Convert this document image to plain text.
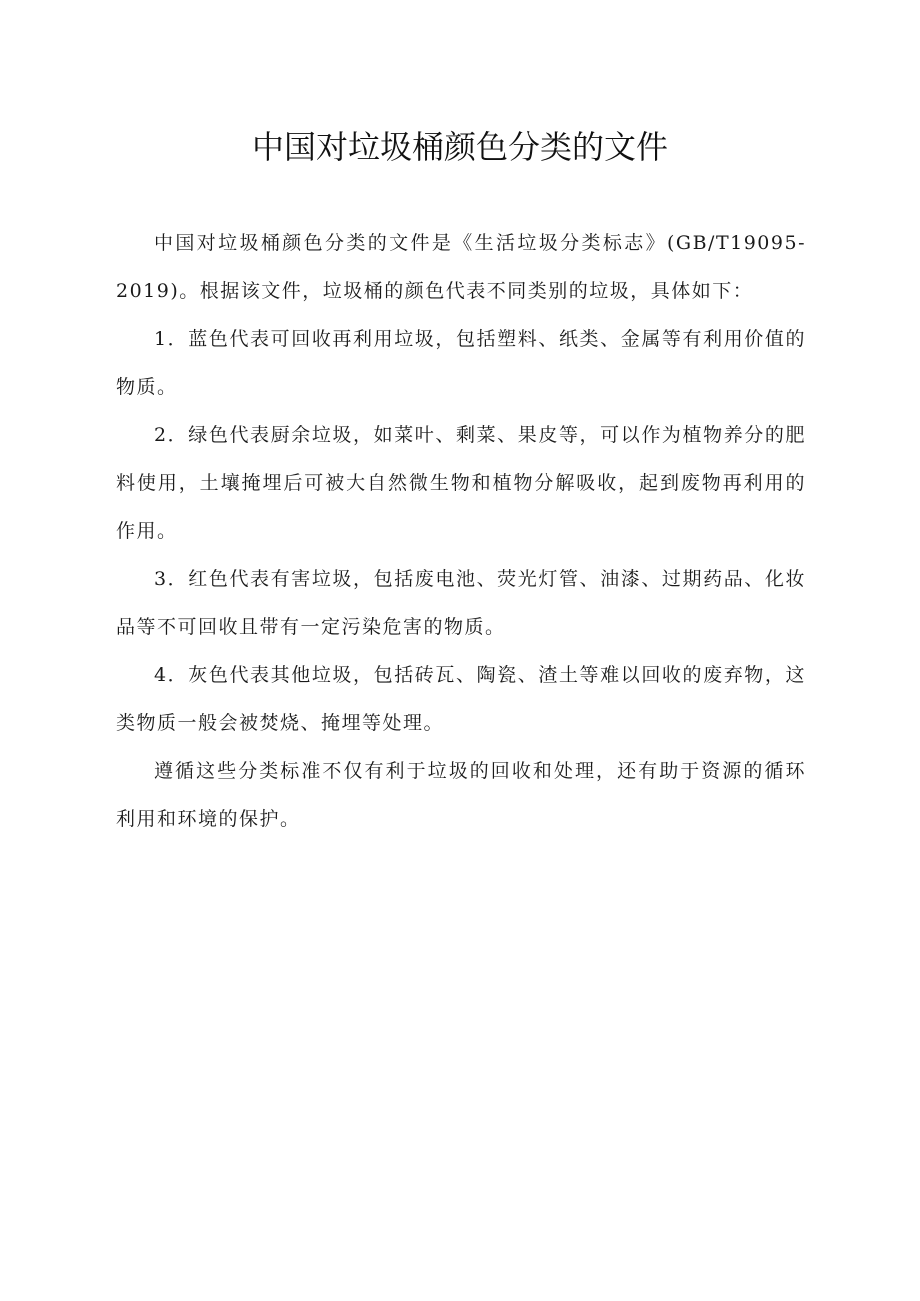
中国对垃圾桶颜色分类的文件

中国对垃圾桶颜色分类的文件是《生活垃圾分类标志》(GB/T19095-2019)。根据该文件，垃圾桶的颜色代表不同类别的垃圾，具体如下：

1．蓝色代表可回收再利用垃圾，包括塑料、纸类、金属等有利用价值的物质。

2．绿色代表厨余垃圾，如菜叶、剩菜、果皮等，可以作为植物养分的肥料使用，土壤掩埋后可被大自然微生物和植物分解吸收，起到废物再利用的作用。

3．红色代表有害垃圾，包括废电池、荧光灯管、油漆、过期药品、化妆品等不可回收且带有一定污染危害的物质。

4．灰色代表其他垃圾，包括砖瓦、陶瓷、渣土等难以回收的废弃物，这类物质一般会被焚烧、掩埋等处理。

遵循这些分类标准不仅有利于垃圾的回收和处理，还有助于资源的循环利用和环境的保护。
